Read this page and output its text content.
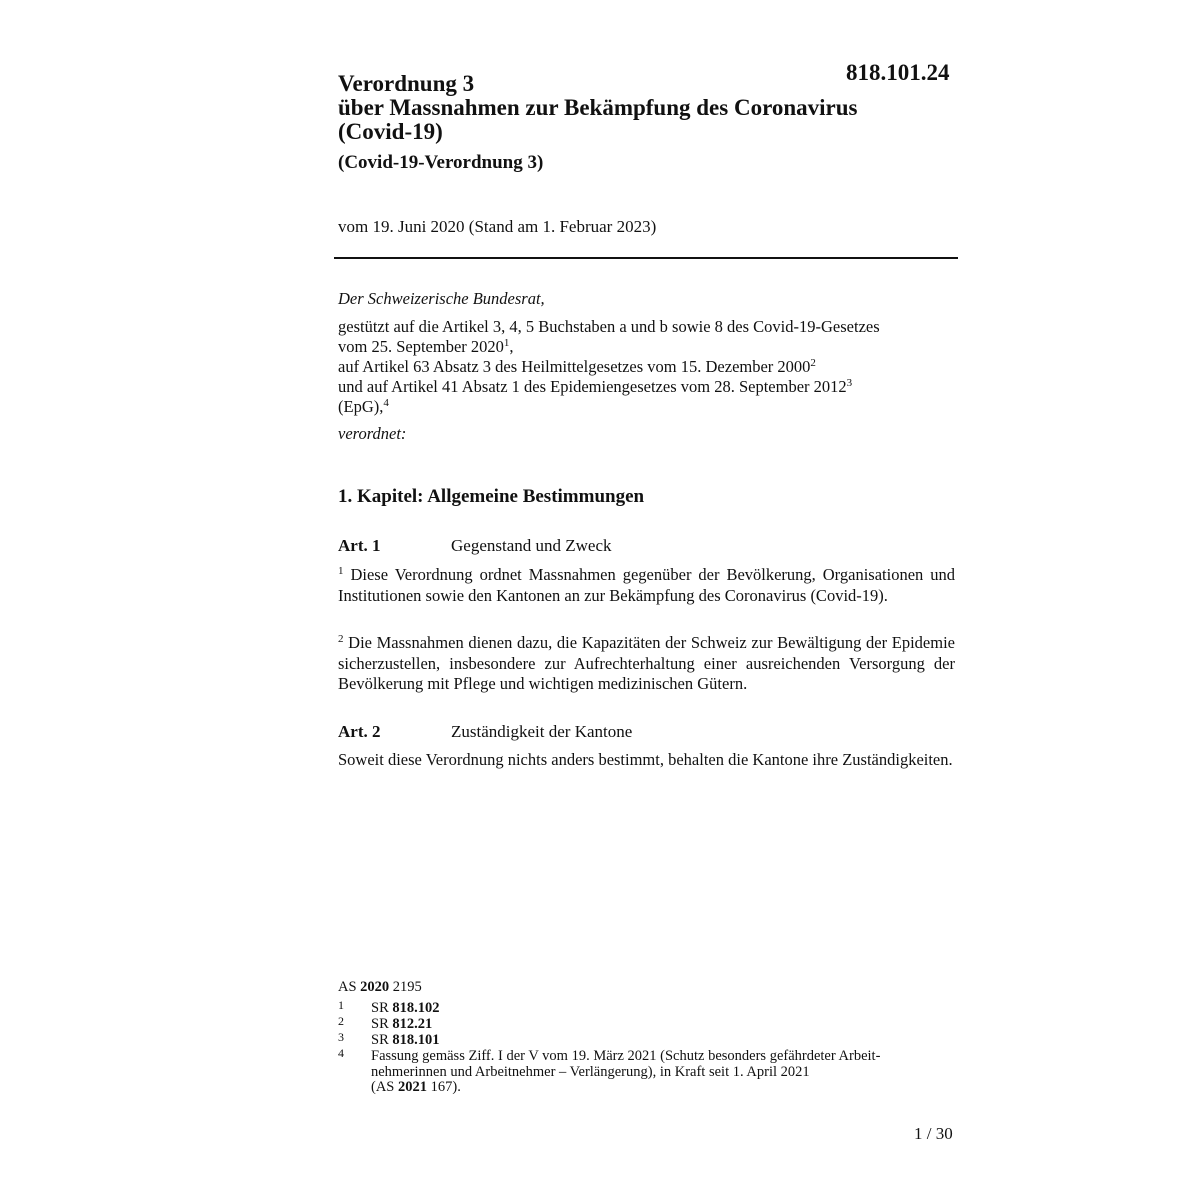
818.101.24
Verordnung 3
über Massnahmen zur Bekämpfung des Coronavirus
(Covid-19)
(Covid-19-Verordnung 3)
vom 19. Juni 2020 (Stand am 1. Februar 2023)
Der Schweizerische Bundesrat,
gestützt auf die Artikel 3, 4, 5 Buchstaben a und b sowie 8 des Covid-19-Gesetzes
vom 25. September 2020$^1$,
auf Artikel 63 Absatz 3 des Heilmittelgesetzes vom 15. Dezember 2000$^2$
und auf Artikel 41 Absatz 1 des Epidemiengesetzes vom 28. September 2012$^3$
(EpG),$^4$
verordnet:
1. Kapitel: Allgemeine Bestimmungen
Art. 1	Gegenstand und Zweck
$^1$ Diese Verordnung ordnet Massnahmen gegenüber der Bevölkerung, Organisationen und Institutionen sowie den Kantonen an zur Bekämpfung des Coronavirus (Covid-19).
$^2$ Die Massnahmen dienen dazu, die Kapazitäten der Schweiz zur Bewältigung der Epidemie sicherzustellen, insbesondere zur Aufrechterhaltung einer ausreichenden Versorgung der Bevölkerung mit Pflege und wichtigen medizinischen Gütern.
Art. 2	Zuständigkeit der Kantone
Soweit diese Verordnung nichts anders bestimmt, behalten die Kantone ihre Zuständigkeiten.
AS 2020 2195
1 SR 818.102
2 SR 812.21
3 SR 818.101
4 Fassung gemäss Ziff. I der V vom 19. März 2021 (Schutz besonders gefährdeter Arbeit-
nehmerinnen und Arbeitnehmer – Verlängerung), in Kraft seit 1. April 2021
(AS 2021 167).
1 / 30
